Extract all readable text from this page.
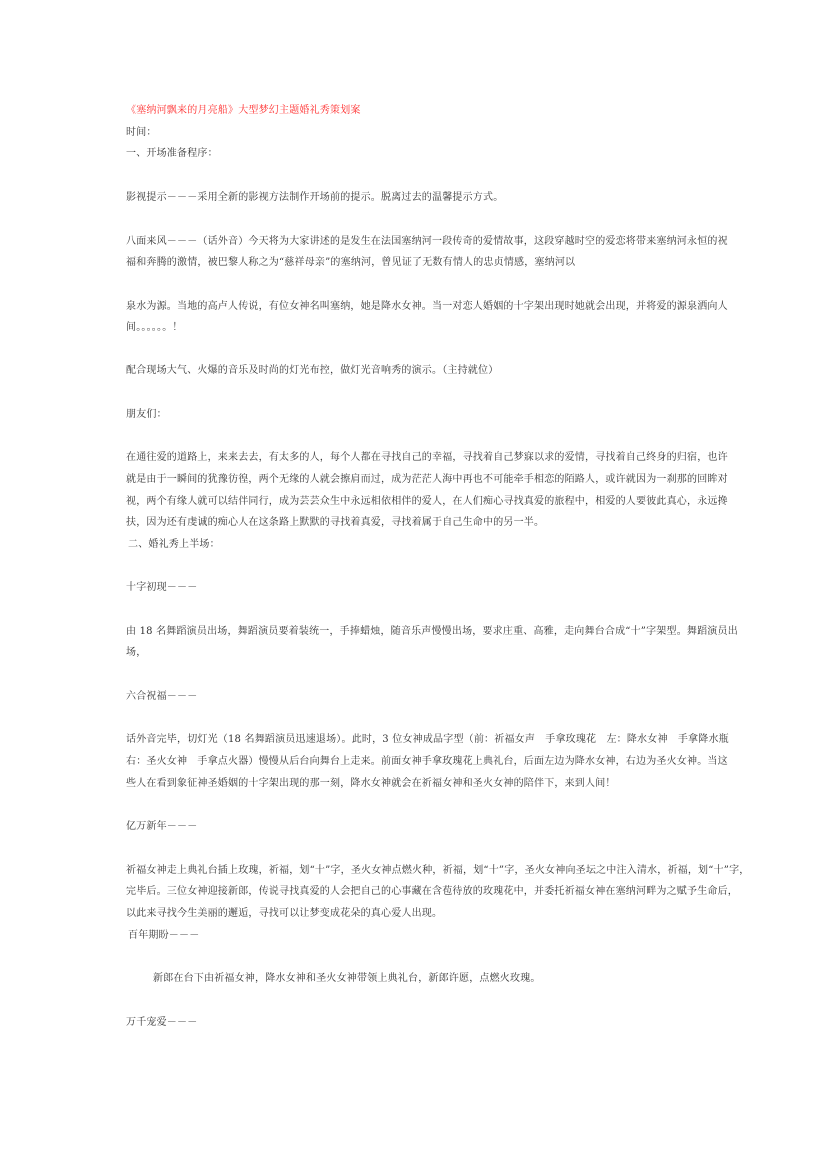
《塞纳河飘来的月亮船》大型梦幻主题婚礼秀策划案
时间：
一、开场准备程序：
影视提示－－－采用全新的影视方法制作开场前的提示。脱离过去的温馨提示方式。
八面来风－－－（话外音）今天将为大家讲述的是发生在法国塞纳河一段传奇的爱情故事，这段穿越时空的爱恋将带来塞纳河永恒的祝
福和奔腾的激情，被巴黎人称之为“慈祥母亲”的塞纳河，曾见证了无数有情人的忠贞情感，塞纳河以
泉水为源。当地的高卢人传说，有位女神名叫塞纳，她是降水女神。当一对恋人婚姻的十字架出现时她就会出现，并将爱的源泉洒向人
间。。。。。。！
配合现场大气、火爆的音乐及时尚的灯光布控，做灯光音响秀的演示。（主持就位）
朋友们：
在通往爱的道路上，来来去去，有太多的人，每个人都在寻找自己的幸福，寻找着自己梦寐以求的爱情，寻找着自己终身的归宿，也许
就是由于一瞬间的犹豫彷徨，两个无缘的人就会擦肩而过，成为茫茫人海中再也不可能牵手相恋的陌路人，或许就因为一刹那的回眸对
视，两个有缘人就可以结伴同行，成为芸芸众生中永远相依相伴的爱人，在人们痴心寻找真爱的旅程中，相爱的人要彼此真心，永远搀
扶，因为还有虔诚的痴心人在这条路上默默的寻找着真爱，寻找着属于自己生命中的另一半。
二、婚礼秀上半场：
十字初现－－－
由 18 名舞蹈演员出场，舞蹈演员要着装统一，手捧蜡烛，随音乐声慢慢出场，要求庄重、高雅，走向舞台合成“十”字架型。舞蹈演员出
场，
六合祝福－－－
话外音完毕，切灯光（18 名舞蹈演员迅速退场）。此时，3 位女神成品字型（前：祈福女声　手拿玫瑰花　左：降水女神　手拿降水瓶
右：圣火女神　手拿点火器）慢慢从后台向舞台上走来。前面女神手拿玫瑰花上典礼台，后面左边为降水女神，右边为圣火女神。当这
些人在看到象征神圣婚姻的十字架出现的那一刻，降水女神就会在祈福女神和圣火女神的陪伴下，来到人间！
亿万新年－－－
祈福女神走上典礼台插上玫瑰，祈福，划“十”字，圣火女神点燃火种，祈福，划“十”字，圣火女神向圣坛之中注入清水，祈福，划“十”字，
完毕后。三位女神迎接新郎，传说寻找真爱的人会把自己的心事藏在含苞待放的玫瑰花中，并委托祈福女神在塞纳河畔为之赋予生命后，
以此来寻找今生美丽的邂逅，寻找可以让梦变成花朵的真心爱人出现。
百年期盼－－－
新郎在台下由祈福女神，降水女神和圣火女神带领上典礼台，新郎许愿，点燃火玫瑰。
万千宠爱－－－
